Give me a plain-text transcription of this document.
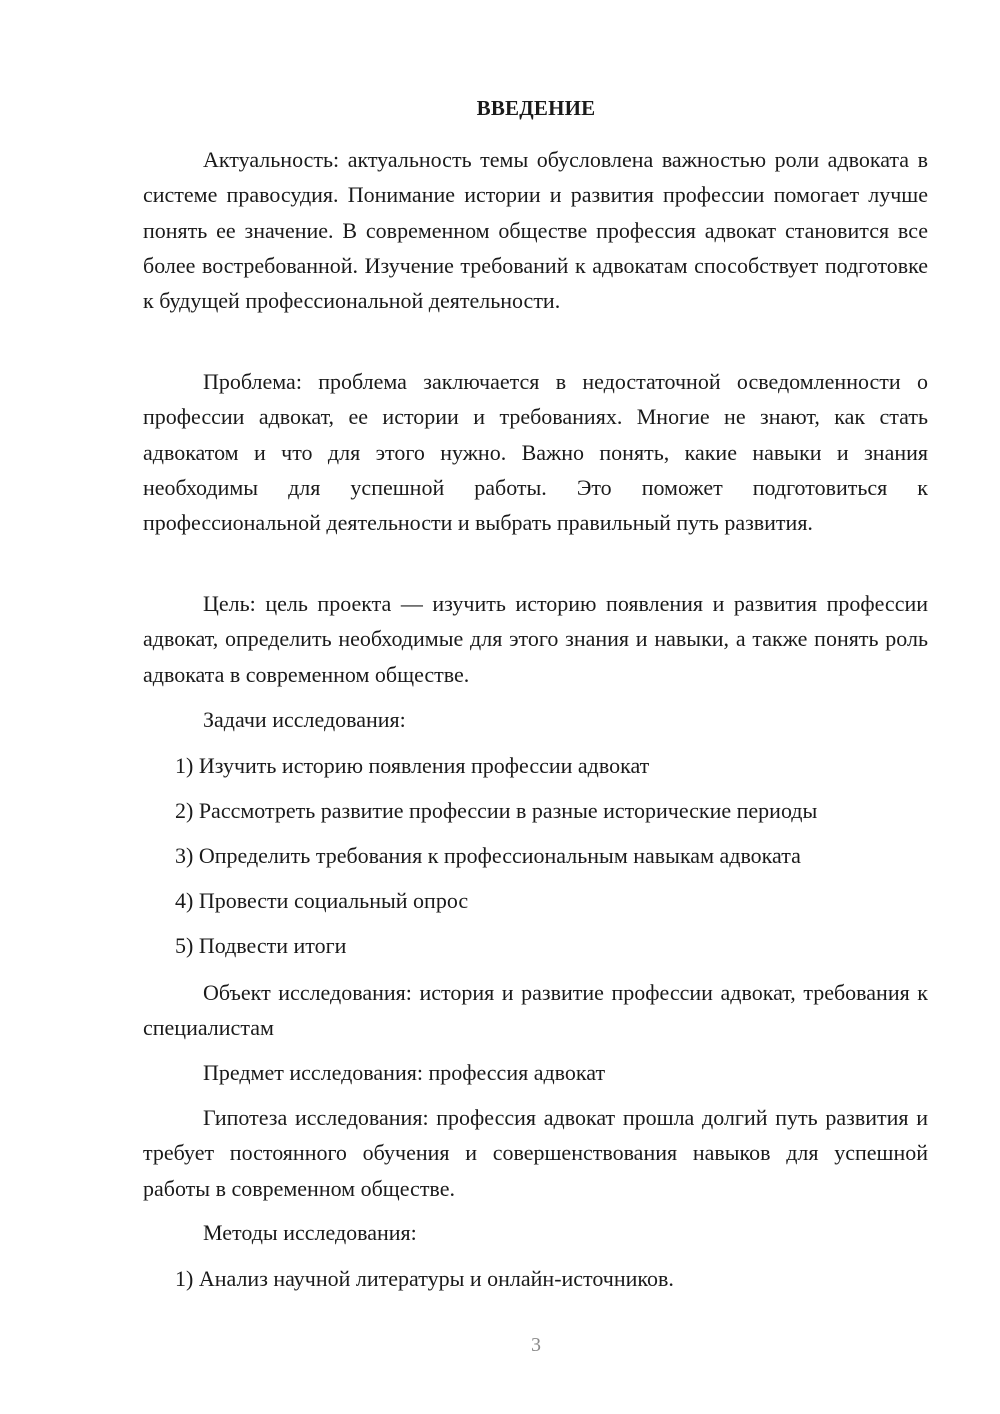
ВВЕДЕНИЕ

Актуальность: актуальность темы обусловлена важностью роли адвоката в системе правосудия. Понимание истории и развития профессии помогает лучше понять ее значение. В современном обществе профессия адвокат становится все более востребованной. Изучение требований к адвокатам способствует подготовке к будущей профессиональной деятельности.

Проблема: проблема заключается в недостаточной осведомленности о профессии адвокат, ее истории и требованиях. Многие не знают, как стать адвокатом и что для этого нужно. Важно понять, какие навыки и знания необходимы для успешной работы. Это поможет подготовиться к профессиональной деятельности и выбрать правильный путь развития.

Цель: цель проекта — изучить историю появления и развития профессии адвокат, определить необходимые для этого знания и навыки, а также понять роль адвоката в современном обществе.

Задачи исследования:

1) Изучить историю появления профессии адвокат

2) Рассмотреть развитие профессии в разные исторические периоды

3) Определить требования к профессиональным навыкам адвоката

4) Провести социальный опрос

5) Подвести итоги

Объект исследования: история и развитие профессии адвокат, требования к специалистам

Предмет исследования: профессия адвокат

Гипотеза исследования: профессия адвокат прошла долгий путь развития и требует постоянного обучения и совершенствования навыков для успешной работы в современном обществе.

Методы исследования:

1) Анализ научной литературы и онлайн-источников.

3
